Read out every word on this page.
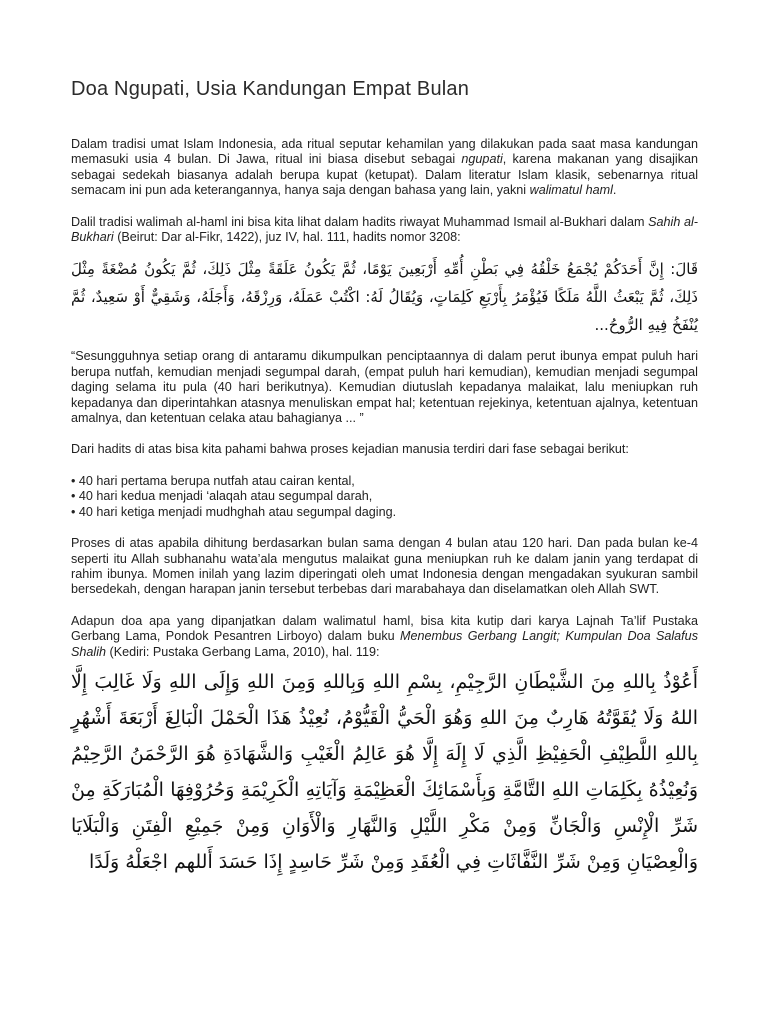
Doa Ngupati, Usia Kandungan Empat Bulan

Dalam tradisi umat Islam Indonesia, ada ritual seputar kehamilan yang dilakukan pada saat masa kandungan memasuki usia 4 bulan. Di Jawa, ritual ini biasa disebut sebagai ngupati, karena makanan yang disajikan sebagai sedekah biasanya adalah berupa kupat (ketupat). Dalam literatur Islam klasik, sebenarnya ritual semacam ini pun ada keterangannya, hanya saja dengan bahasa yang lain, yakni walimatul haml.

Dalil tradisi walimah al-haml ini bisa kita lihat dalam hadits riwayat Muhammad Ismail al-Bukhari dalam Sahih al-Bukhari (Beirut: Dar al-Fikr, 1422), juz IV, hal. 111, hadits nomor 3208:

قَالَ: إِنَّ أَحَدَكُمْ يُجْمَعُ خَلْقُهُ فِي بَطْنِ أُمِّهِ أَرْبَعِينَ يَوْمًا، ثُمَّ يَكُونُ عَلَقَةً مِثْلَ ذَلِكَ، ثُمَّ يَكُونُ مُضْغَةً مِثْلَ ذَلِكَ، ثُمَّ يَبْعَثُ اللَّهُ مَلَكًا فَيُؤْمَرُ بِأَرْبَعِ كَلِمَاتٍ، وَيُقَالُ لَهُ: اكْتُبْ عَمَلَهُ، وَرِزْقَهُ، وَأَجَلَهُ، وَشَقِيٌّ أَوْ سَعِيدٌ، ثُمَّ يُنْفَخُ فِيهِ الرُّوحُ...

“Sesungguhnya setiap orang di antaramu dikumpulkan penciptaannya di dalam perut ibunya empat puluh hari berupa nutfah, kemudian menjadi segumpal darah, (empat puluh hari kemudian), kemudian menjadi segumpal daging selama itu pula (40 hari berikutnya). Kemudian diutuslah kepadanya malaikat, lalu meniupkan ruh kepadanya dan diperintahkan atasnya menuliskan empat hal; ketentuan rejekinya, ketentuan ajalnya, ketentuan amalnya, dan ketentuan celaka atau bahagianya ... ”

Dari hadits di atas bisa kita pahami bahwa proses kejadian manusia terdiri dari fase sebagai berikut:

• 40 hari pertama berupa nutfah atau cairan kental,
• 40 hari kedua menjadi ‘alaqah atau segumpal darah,
• 40 hari ketiga menjadi mudhghah atau segumpal daging.

Proses di atas apabila dihitung berdasarkan bulan sama dengan 4 bulan atau 120 hari. Dan pada bulan ke-4 seperti itu Allah subhanahu wata’ala mengutus malaikat guna meniupkan ruh ke dalam janin yang terdapat di rahim ibunya. Momen inilah yang lazim diperingati oleh umat Indonesia dengan mengadakan syukuran sambil bersedekah, dengan harapan janin tersebut terbebas dari marabahaya dan diselamatkan oleh Allah SWT.

Adapun doa apa yang dipanjatkan dalam walimatul haml, bisa kita kutip dari karya Lajnah Ta’lif Pustaka Gerbang Lama, Pondok Pesantren Lirboyo) dalam buku Menembus Gerbang Langit; Kumpulan Doa Salafus Shalih (Kediri: Pustaka Gerbang Lama, 2010), hal. 119:

أَعُوْذُ بِاللهِ مِنَ الشَّيْطَانِ الرَّجِيْمِ، بِسْمِ اللهِ وَبِاللهِ وَمِنَ اللهِ وَإِلَى اللهِ وَلَا غَالِبَ إِلَّا اللهُ وَلَا يُقَوَّتُهُ هَارِبٌ مِنَ اللهِ وَهُوَ الْحَيُّ الْقَيُّوْمُ، نُعِيْذُ هَذَا الْحَمْلَ الْبَالِغَ أَرْبَعَةَ أَشْهُرٍ بِاللهِ اللَّطِيْفِ الْحَفِيْظِ الَّذِي لَا إِلَهَ إِلَّا هُوَ عَالِمُ الْغَيْبِ وَالشَّهَادَةِ هُوَ الرَّحْمَنُ الرَّحِيْمُ وَنُعِيْذُهُ بِكَلِمَاتِ اللهِ التَّامَّةِ وَبِأَسْمَائِكَ الْعَظِيْمَةِ وَآيَاتِهِ الْكَرِيْمَةِ وَحُرُوْفِهَا الْمُبَارَكَةِ مِنْ شَرِّ الْإِنْسِ وَالْجَانِّ وَمِنْ مَكْرِ اللَّيْلِ وَالنَّهَارِ وَالْأَوَانِ وَمِنْ جَمِيْعِ الْفِتَنِ وَالْبَلَايَا وَالْعِصْيَانِ وَمِنْ شَرِّ النَّفَّاثَاتِ فِي الْعُقَدِ وَمِنْ شَرِّ حَاسِدٍ إِذَا حَسَدَ أَللهم اجْعَلْهُ وَلَدًا
